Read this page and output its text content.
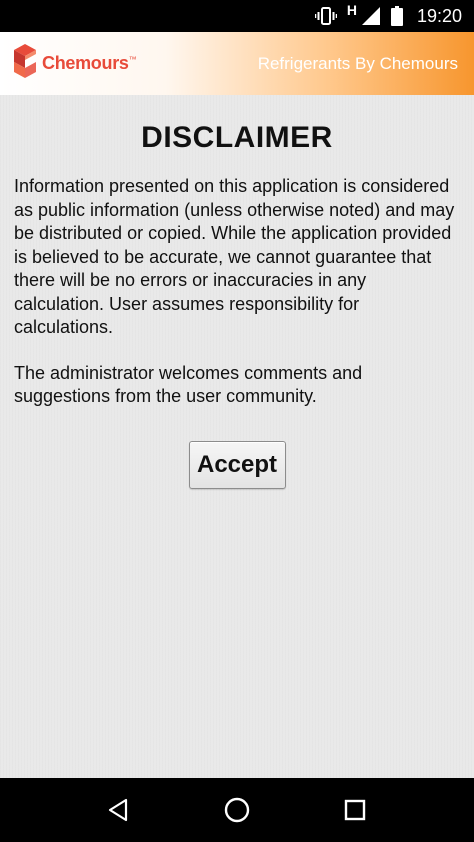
H	19:20
Chemours™	Refrigerants By Chemours
DISCLAIMER

Information presented on this application is considered as public information (unless otherwise noted) and may be distributed or copied. While the application provided is believed to be accurate, we cannot guarantee that there will be no errors or inaccuracies in any calculation. User assumes responsibility for calculations.

The administrator welcomes comments and suggestions from the user community.

Accept
